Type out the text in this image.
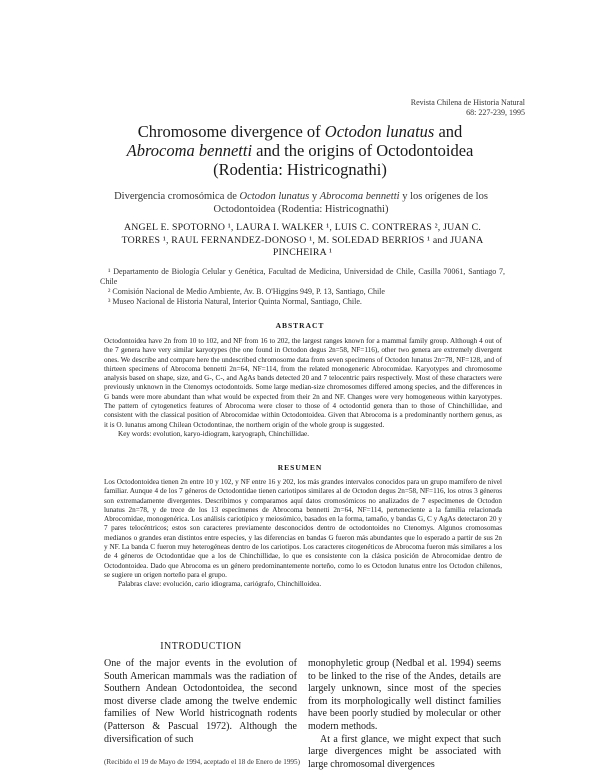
Revista Chilena de Historia Natural
68: 227-239, 1995
Chromosome divergence of Octodon lunatus and
Abrocoma bennetti and the origins of Octodontoidea
(Rodentia: Histricognathi)
Divergencia cromosómica de Octodon lunatus y Abrocoma bennetti y los orígenes de los Octodontoidea (Rodentia: Histricognathi)
ANGEL E. SPOTORNO ¹, LAURA I. WALKER ¹, LUIS C. CONTRERAS ², JUAN C. TORRES ¹, RAUL FERNANDEZ-DONOSO ¹, M. SOLEDAD BERRIOS ¹ and JUANA PINCHEIRA ¹

¹ Departamento de Biología Celular y Genética, Facultad de Medicina, Universidad de Chile, Casilla 70061, Santiago 7, Chile

² Comisión Nacional de Medio Ambiente, Av. B. O'Higgins 949, P. 13, Santiago, Chile

³ Museo Nacional de Historia Natural, Interior Quinta Normal, Santiago, Chile.

ABSTRACT
Octodontoidea have 2n from 10 to 102, and NF from 16 to 202, the largest ranges known for a mammal family group. Although 4 out of the 7 genera have very similar karyotypes (the one found in Octodon degus 2n=58, NF=116), other two genera are extremely divergent ones. We describe and compare here the undescribed chromosome data from seven specimens of Octodon lunatus 2n=78, NF=128, and of thirteen specimens of Abrocoma bennetti 2n=64, NF=114, from the related monogeneric Abrocomidae. Karyotypes and chromosome analysis based on shape, size, and G-, C-, and AgAs bands detected 20 and 7 telocentric pairs respectively. Most of these characters were previously unknown in the Ctenomys octodontoids. Some large median-size chromosomes differed among species, and the differences in G bands were more abundant than what would be expected from their 2n and NF. Changes were very homogeneous within karyotypes. The pattern of cytogenetics features of Abrocoma were closer to those of 4 octodontid genera than to those of Chinchillidae, and consistent with the classical position of Abrocomidae within Octodontoidea. Given that Abrocoma is a predominantly northern genus, as it is O. lunatus among Chilean Octodontinae, the northern origin of the whole group is suggested.
Key words: evolution, karyo-idiogram, karyograph, Chinchillidae.
RESUMEN
Los Octodontoidea tienen 2n entre 10 y 102, y NF entre 16 y 202, los más grandes intervalos conocidos para un grupo mamífero de nivel familiar. Aunque 4 de los 7 géneros de Octodontidae tienen cariotipos similares al de Octodon degus 2n=58, NF=116, los otros 3 géneros son extremadamente divergentes. Describimos y comparamos aquí datos cromosómicos no analizados de 7 especímenes de Octodon lunatus 2n=78, y de trece de los 13 especímenes de Abrocoma bennetti 2n=64, NF=114, perteneciente a la familia relacionada Abrocomidae, monogenérica. Los análisis cariotípico y meiosómico, basados en la forma, tamaño, y bandas G, C y AgAs detectaron 20 y 7 pares telocéntricos; estos son caracteres previamente desconocidos dentro de octodontoides no Ctenomys. Algunos cromosomas medianos o grandes eran distintos entre especies, y las diferencias en bandas G fueron más abundantes que lo esperado a partir de sus 2n y NF. La banda C fueron muy heterogéneas dentro de los cariotipos. Los caracteres citogenéticos de Abrocoma fueron más similares a los de 4 géneros de Octodontidae que a los de Chinchillidae, lo que es consistente con la clásica posición de Abrocomidae dentro de Octodontoidea. Dado que Abrocoma es un género predominantemente norteño, como lo es Octodon lunatus entre los Octodon chilenos, se sugiere un origen norteño para el grupo.
Palabras clave: evolución, cario idiograma, cariógrafo, Chinchilloidea.
INTRODUCTION
One of the major events in the evolution of South American mammals was the radiation of Southern Andean Octodontoidea, the second most diverse clade among the twelve endemic families of New World histricognath rodents (Patterson & Pascual 1972). Although the diversification of such
monophyletic group (Nedbal et al. 1994) seems to be linked to the rise of the Andes, details are largely unknown, since most of the species from its morphologically well distinct families have been poorly studied by molecular or other modern methods.
At a first glance, we might expect that such large divergences might be associated with large chromosomal divergences
(Recibido el 19 de Mayo de 1994, aceptado el 18 de Enero de 1995)
